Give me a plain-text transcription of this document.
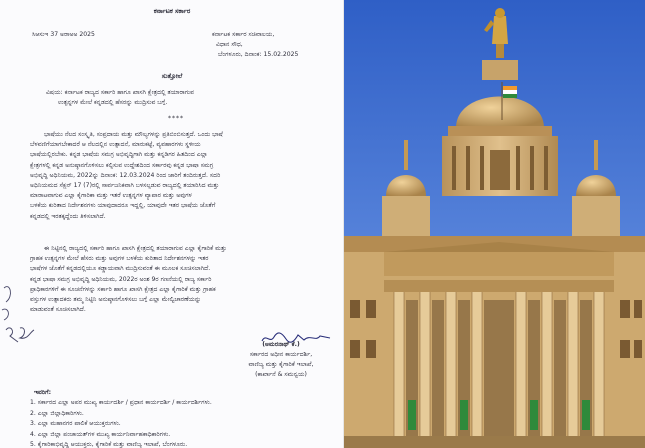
ಕರ್ನಾಟಕ ಸರ್ಕಾರ
ಸಿಆಸುಇ 37 ಅರಾಅಅ 2025	ಕರ್ನಾಟಕ ಸರ್ಕಾರ ಸಚಿವಾಲಯ,
ವಿಧಾನ ಸೌಧ,
ಬೆಂಗಳೂರು, ದಿನಾಂಕ: 15.02.2025
ಸುತ್ತೋಲೆ
ವಿಷಯ: ಕರ್ನಾಟಕ ರಾಜ್ಯದ ಸರ್ಕಾರಿ ಹಾಗೂ ಖಾಸಗಿ ಕ್ಷೇತ್ರದಲ್ಲಿ ತಯಾರಾಗುವ
ಉತ್ಪನ್ನಗಳ ಮೇಲೆ ಕನ್ನಡದಲ್ಲಿ ಹೆಸರನ್ನು ಮುದ್ರಿಸುವ ಬಗ್ಗೆ.
****
ಭಾಷೆಯು ನೆಲದ ಸಂಸ್ಕೃತಿ, ಸಂಪ್ರದಾಯ ಮತ್ತು ಮೌಲ್ಯಗಳನ್ನು ಪ್ರತಿಬಿಂಬಿಸುತ್ತದೆ. ಒಂದು ಭಾಷೆ
ಬೆಳವಣಿಗೆಯಾಗಬೇಕಾದರೆ ಆ ನೆಲದಲ್ಲಿನ ಉತ್ಪಾದನೆ, ಮಾರುಕಟ್ಟೆ, ವ್ಯವಹಾರಗಳು ಸ್ಥಳೀಯ
ಭಾಷೆಯಲ್ಲಿರಬೇಕು. ಕನ್ನಡ ಭಾಷೆಯ ಸಮಗ್ರ ಅಭಿವೃದ್ಧಿಗಾಗಿ ಮತ್ತು ಕನ್ನಡಿಗರ ಹಿತದಿಂದ ಎಲ್ಲಾ
ಕ್ಷೇತ್ರಗಳಲ್ಲಿ ಕನ್ನಡ ಅನುಷ್ಠಾನಗೊಳಿಸಲು ಕಲ್ಪಿಸುವ ಉದ್ದೇಶದಿಂದ ಸರ್ಕಾರವು ಕನ್ನಡ ಭಾಷಾ ಸಮಗ್ರ
ಅಭಿವೃದ್ಧಿ ಅಧಿನಿಯಮ, 2022ನ್ನು ದಿನಾಂಕ: 12.03.2024 ರಿಂದ ಜಾರಿಗೆ ತಂದಿರುತ್ತದೆ. ಸದರಿ
ಅಧಿನಿಯಮದ ಸೆಕ್ಷನ್ 17 (7)ರಲ್ಲಿ ಸಾರ್ವಜನಿಕವಾಗಿ ಬಳಸಲ್ಪಡುವ ರಾಜ್ಯದಲ್ಲಿ ತಯಾರಿಸಿದ ಮತ್ತು
ಮಾರಾಟವಾಗುವ ಎಲ್ಲಾ ಕೈಗಾರಿಕಾ ಮತ್ತು ಇತರೆ ಉತ್ಪನ್ನಗಳ ವ್ಯಾಪಾರ ಮತ್ತು ಅವುಗಳ
ಬಳಕೆಯ ಕುರಿತಾದ ನಿರ್ದೇಶನಗಳು ಯಾವುದಾದರೂ ಇದ್ದಲ್ಲಿ, ಯಾವುದೇ ಇತರ ಭಾಷೆಯ ಜೊತೆಗೆ
ಕನ್ನಡದಲ್ಲಿ ಇರತಕ್ಕದ್ದೆಂದು ತಿಳಿಸಲಾಗಿದೆ.
ಈ ನಿಟ್ಟಿನಲ್ಲಿ ರಾಜ್ಯದಲ್ಲಿ ಸರ್ಕಾರಿ ಹಾಗೂ ಖಾಸಗಿ ಕ್ಷೇತ್ರದಲ್ಲಿ ತಯಾರಾಗುವ ಎಲ್ಲಾ ಕೈಗಾರಿಕೆ ಮತ್ತು
ಗ್ರಾಹಕ ಉತ್ಪನ್ನಗಳ ಮೇಲೆ ಹೆಸರು ಮತ್ತು ಅವುಗಳ ಬಳಕೆಯ ಕುರಿತಾದ ನಿರ್ದೇಶನಗಳನ್ನು ಇತರ
ಭಾಷೆಗಳ ಜೊತೆಗೆ ಕನ್ನಡದಲ್ಲಿಯೂ ಕಡ್ಡಾಯವಾಗಿ ಮುದ್ರಿಸುವಂತೆ ಈ ಮೂಲಕ ಸೂಚಿಸಲಾಗಿದೆ.
ಕನ್ನಡ ಭಾಷಾ ಸಮಗ್ರ ಅಭಿವೃದ್ಧಿ ಅಧಿನಿಯಮ, 2022ರ ಅಂಶ 9ರ ಗಣನೆಯಲ್ಲಿ ರಾಜ್ಯ ಸರ್ಕಾರಿ
ಪ್ರಾಧಿಕಾರಗಳಿಗೆ ಈ ಸೂಚನೆಗಳನ್ನು ಸರ್ಕಾರಿ ಹಾಗೂ ಖಾಸಗಿ ಕ್ಷೇತ್ರದ ಎಲ್ಲಾ ಕೈಗಾರಿಕೆ ಮತ್ತು ಗ್ರಾಹಕ
ವಸ್ತುಗಳ ಉತ್ಪಾದಕರು ತಮ್ಮ ನಿಟ್ಟಿನಿ ಅನುಷ್ಠಾನಗೊಳಿಸಲು ಬಗ್ಗೆ ಎಲ್ಲಾ ಮೇಲ್ವಿಚಾರಣೆಯನ್ನು
ಮಾಡುವಂತೆ ಸೂಚಿಸಲಾಗಿದೆ.
(ಅಮರನಾಥ್ ಕೆ.)
ಸರ್ಕಾರದ ಅಧೀನ ಕಾರ್ಯದರ್ಶಿ,
ವಾಣಿಜ್ಯ ಮತ್ತು ಕೈಗಾರಿಕೆ ಇಲಾಖೆ,
(ಕಾರ್ಖಾನೆ & ಸಮನ್ವಯ)
ಇವರಿಗೆ:
1. ಸರ್ಕಾರದ ಎಲ್ಲಾ ಅಪರ ಮುಖ್ಯ ಕಾರ್ಯದರ್ಶಿ / ಪ್ರಧಾನ ಕಾರ್ಯದರ್ಶಿ / ಕಾರ್ಯದರ್ಶಿಗಳು.
2. ಎಲ್ಲಾ ಜಿಲ್ಲಾಧಿಕಾರಿಗಳು.
3. ಎಲ್ಲಾ ಮಹಾನಗರ ಪಾಲಿಕೆ ಆಯುಕ್ತರುಗಳು.
4. ಎಲ್ಲಾ ಜಿಲ್ಲಾ ಪಂಚಾಯತ್‌ಗಳ ಮುಖ್ಯ ಕಾರ್ಯನಿರ್ವಾಹಕಾಧಿಕಾರಿಗಳು.
5. ಕೈಗಾರಿಕಾಭಿವೃದ್ಧಿ ಆಯುಕ್ತರು, ಕೈಗಾರಿಕೆ ಮತ್ತು ವಾಣಿಜ್ಯ ಇಲಾಖೆ, ಬೆಂಗಳೂರು.
